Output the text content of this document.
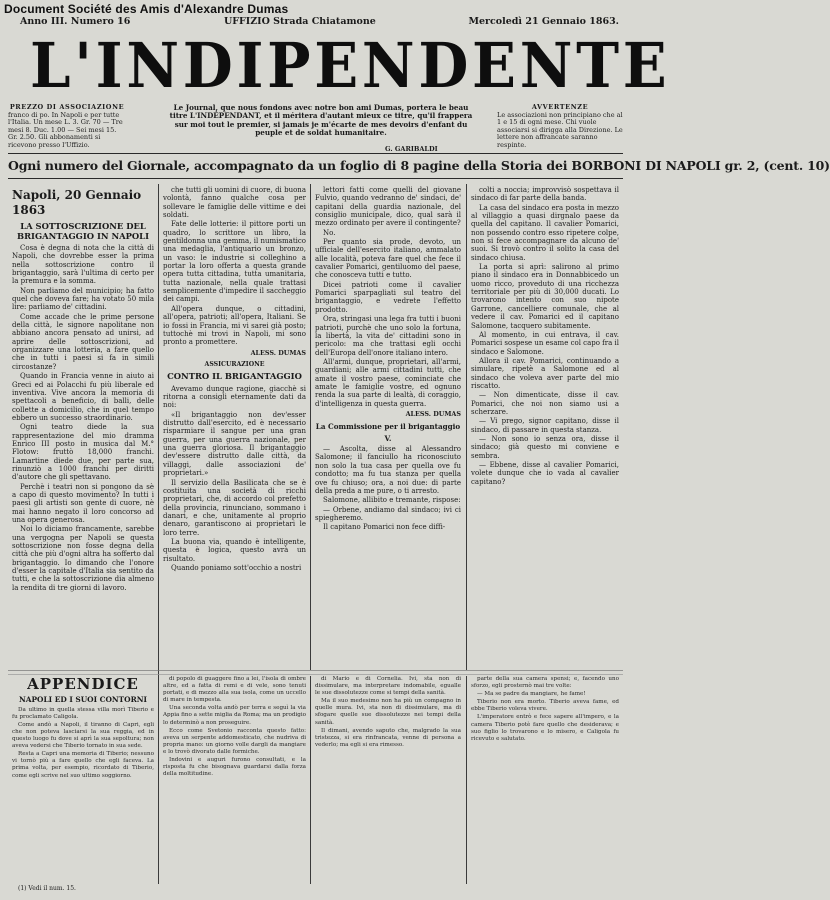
Document Société des Amis d'Alexandre Dumas
Anno III. Numero 16	UFFIZIO Strada Chiatamone	Mercoledì 21 Gennaio 1863.
L'INDIPENDENTE
PREZZO DI ASSOCIAZIONE
franco di po. In Napoli e per tutte l'Italia. Un mese L. 3. Gr. 70 — Tre mesi 8. Duc. 1.00 — Sei mesi 15. Gr. 2.50. Gli abbonamenti si ricevono presso l'Uffizio.
Le Journal, que nous fondons avec notre bon ami Dumas, portera le beau titre L'INDÉPENDANT, et il méritera d'autant mieux ce titre, qu'il frappera sur moi tout le premier, si jamais je m'écarte de mes devoirs d'enfant du peuple et de soldat humanitaire.
AVVERTENZE
Le associazioni non principiano che al 1 e 15 di ogni mese. Chi vuole associarsi si dirigga alla Direzione. Le lettere non affrancate saranno respinte.
G. GARIBALDI
Ogni numero del Giornale, accompagnato da un foglio di 8 pagine della Storia dei BORBONI DI NAPOLI gr. 2, (cent. 10)
Napoli, 20 Gennaio 1863
LA SOTTOSCRIZIONE DEL BRIGANTAGGIO IN NAPOLI

Cosa è degna di nota che la città di Napoli, che dovrebbe esser la prima nella sottoscrizione contro il brigantaggio, sarà l'ultima di certo per la premura e la somma.

Non parliamo del municipio; ha fatto quel che doveva fare; ha votato 50 mila lire: parliamo de' cittadini.

Come accade che le prime persone della città, le signore napolitane non abbiano ancora pensato ad unirsi, ad aprire delle sottoscrizioni, ad organizzare una lotteria, a fare quello che in tutti i paesi si fa in simili circostanze?

Quando in Francia venne in aiuto ai Greci ed ai Polacchi fu più liberale ed inventiva. Vive ancora la memoria di spettacoli a beneficio, di balli, delle collette a domicilio, che in quel tempo ebbero un successo straordinario.

Ogni teatro diede la sua rappresentazione del mio dramma Enrico III posto in musica dal M.° Flotow: fruttò 18,000 franchi. Lamartine diede due, per parte sua, rinunziò a 1000 franchi per diritti d'autore che gli spettavano.

Perchè i teatri non si pongono da sè a capo di questo movimento? In tutti i paesi gli artisti son gente di cuore, nè mai hanno negato il loro concorso ad una opera generosa.

Noi lo diciamo francamente, sarebbe una vergogna per Napoli se questa sottoscrizione non fosse degna della città che più d'ogni altra ha sofferto dal brigantaggio. Io dimando che l'onore d'esser la capitale d'Italia sia sentito da tutti, e che la sottoscrizione dia almeno la rendita di tre giorni di lavoro.

APPENDICE
NAPOLI ED I SUOI CONTORNI

Da ultimo in quella stessa villa morì Tiberio e fu proclamato Caligola.

Come andò a Napoli, il tiranno di Capri, egli che non poteva lasciarsi la sua reggia, ed in questo luogo fu dove si aprì la sua sepoltura; non aveva vedersi che Tiberio tornato in sua sede.

Resta a Capri una memoria di Tiberio; nessuno vi tornò più a fare quello che egli faceva. La prima volta, per esempio, ricordato di Tiberio, come egli scrive nel suo ultimo soggiorno.

(1) Vedi il num. 15.

che tutti gli uomini di cuore, di buona volontà, fanno qualche cosa per sollevare le famiglie delle vittime e dei soldati.

Fate delle lotterie: il pittore porti un quadro, lo scrittore un libro, la gentildonna una gemma, il numismatico una medaglia, l'antiquario un bronzo, un vaso: le industrie si colleghino a portar la loro offerta a questa grande opera tutta cittadina, tutta umanitaria, tutta nazionale, nella quale trattasi semplicemente d'impedire il saccheggio dei campi.

All'opera dunque, o cittadini, all'opera, patrioti; all'opera, Italiani. Se io fossi in Francia, mi vi sarei già posto; tuttochè mi trovi in Napoli, mi sono pronto a promettere.

ALESS. DUMAS
ASSICURAZIONE
CONTRO IL BRIGANTAGGIO

Avevamo dunque ragione, giacchè si ritorna a consigli eternamente dati da noi:

«Il brigantaggio non dev'esser distrutto dall'esercito, ed è necessario risparmiare il sangue per una gran guerra, per una guerra nazionale, per una guerra gloriosa. Il brigantaggio dev'essere distrutto dalle città, da villaggi, dalle associazioni de' proprietari.»

Il servizio della Basilicata che se è costituita una società di ricchi proprietari, che, di accordo col prefetto della provincia, rinunciano, sommano i danari, e che, unitamente al proprio denaro, garantiscono ai proprietari le loro terre.

La buona via, quando è intelligente, questa è logica, questo avrà un risultato.

Quando poniamo sott'occhio a nostri

lettori fatti come quelli del giovane Fulvio, quando vedranno de' sindaci, de' capitani della guardia nazionale, del consiglio municipale, dico, qual sarà il mezzo ordinato per avere il contingente?

No.

Per quanto sia prode, devoto, un ufficiale dell'esercito italiano, ammalato alle località, poteva fare quel che fece il cavalier Pomarici, gentiluomo del paese, che conosceva tutti e tutto.

Dicei patrioti come il cavalier Pomarici sparpagliati sul teatro del brigantaggio, e vedrete l'effetto prodotto.

Ora, stringasi una lega fra tutti i buoni patrioti, purchè che uno solo la fortuna, la libertà, la vita de' cittadini sono in pericolo: ma che trattasi egli occhi dell'Europa dell'onore italiano intero.

All'armi, dunque, proprietari, all'armi, guardiani; alle armi cittadini tutti, che amate il vostro paese, cominciate che amate le famiglie vostre, ed ognuno renda la sua parte di lealtà, di coraggio, d'intelligenza in questa guerra.

ALESS. DUMAS
La Commissione per il brigantaggio
V.

— Ascolta, disse al Alessandro Salomone; il fanciullo ha riconosciuto non solo la tua casa per quella ove fu condotto; ma fu tua stanza per quella ove fu chiuso; ora, a noi due: di parte della preda a me pure, o ti arresto.

Salomone, allibito e tremante, rispose:

— Orbene, andiamo dal sindaco; ivi ci spiegheremo.

Il capitano Pomarici non fece diffi-

colti a noccia; improvvisò sospettava il sindaco di far parte della banda.

La casa del sindaco era posta in mezzo al villaggio a quasi dirgnalo paese da quella del capitano. Il cavalier Pomarici, non possendo contro esso ripetere colpe, non si fece accompagnare da alcuno de' suoi. Si trovò contro il solito la casa del sindaco chiusa.

La porta si aprì: salirono al primo piano il sindaco era in Donnabbicedo un uomo ricco, proveduto di una ricchezza territoriale per più di 30,000 ducati. Lo trovarono intento con suo nipote Garrone, cancelliere comunale, che al vedere il cav. Pomarici ed il capitano Salomone, tacquero subitamente.

Al momento, in cui entrava, il cav. Pomarici sospese un esame col capo fra il sindaco e Salomone.

Allora il cav. Pomarici, continuando a simulare, ripetè a Salomone ed al sindaco che voleva aver parte del mio riscatto.

— Non dimenticate, disse il cav. Pomarici, che noi non siamo usi a scherzare.

— Vi prego, signor capitano, disse il sindaco, di passare in questa stanza.

— Non sono io senza ora, disse il sindaco; già questo mi conviene e sembra.

— Ebbene, disse al cavalier Pomarici, volete dunque che io vada al cavalier capitano?

di popolo di guaggere fino a lei, l'isola di ombre altre, ed a fatta di remi e di vele, sono tenuti portati, e di mezzo alla sua isola, come un uccello di mare in tempesta.

Una seconda volta andò per terra e seguì la via Appia fino a sette miglia da Roma; ma un prodigio lo determinò a non proseguire.

Ecco come Svetonio racconta questo fatto: aveva un serpente addomesticato, che nudriva di propria mano: un giorno volle dargli da mangiare e lo trovò divorato dalle formiche.

Indovini e auguri furono consultati, e la risposta fu che bisognava guardarsi dalla forza della moltitudine.

di Mario e di Cornelia. Ivi, sta non di dissimulare, ma interpretare indomabile, egualle le sue dissolutezze come si tempi della sanità.

Ma il suo medesimo non ha più un compagno in quelle mura. Ivi, sta non di dissimulare, ma di sfogare quelle sue dissolutezze nei tempi della sanità.

Il dimani, avendo saputo che, malgrado la sua tristezza, si era rinfrancata, venne di persona a vederlo; ma egli si era rimesso.

parte della sua camera spensi; e, facendo uno sforzo, egli prosternò mai tre volte:

— Ma se padre da mangiare, he fame!

Tiberio non era morto. Tiberio aveva fame, ed ebbe Tiberio voleva vivere.

L'imperatore entrò e fece sapere all'impero, e la camera Tiberio potè fare quello che desiderava; e suo figlio lo trovarono e lo misero, e Caligola fu ricevuto e salutato.
